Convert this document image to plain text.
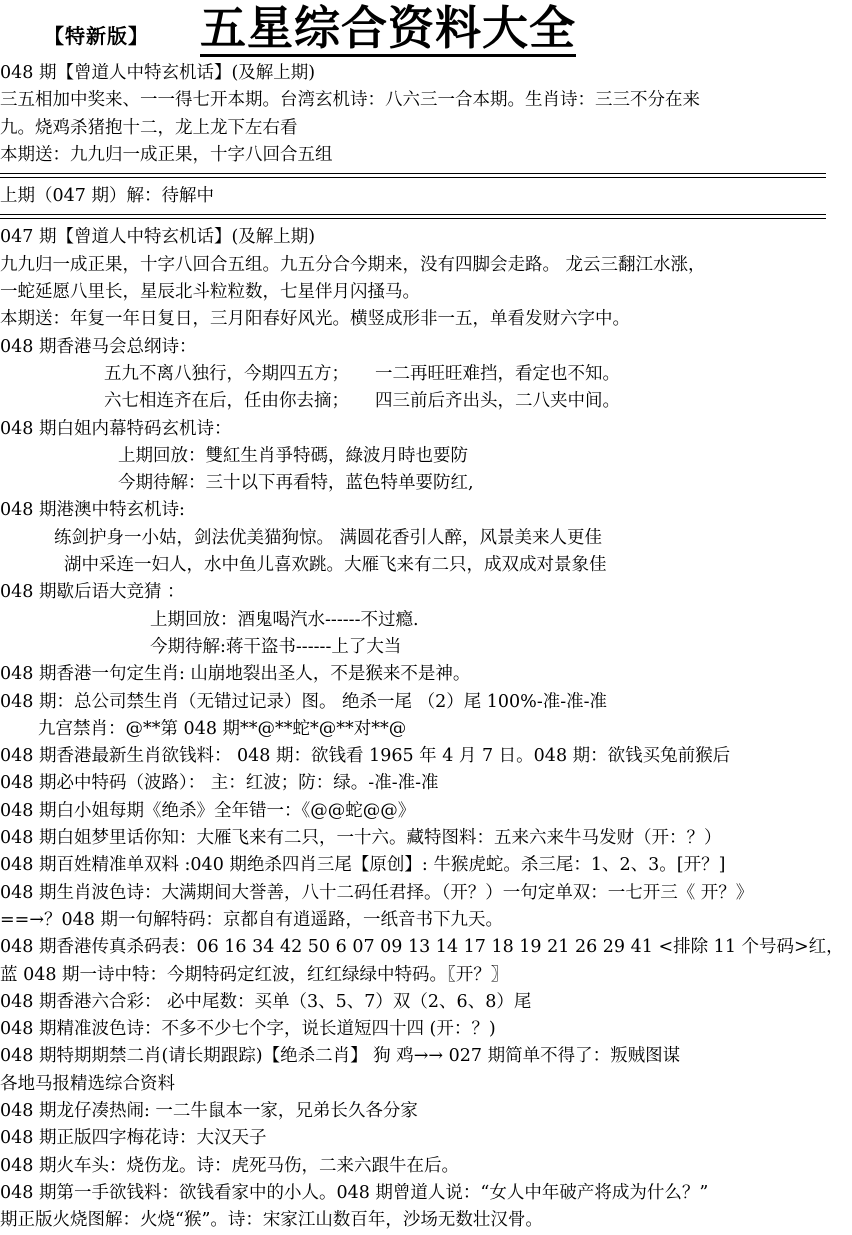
【特新版】 五星综合资料大全
048 期【曾道人中特玄机话】(及解上期)
三五相加中奖来、一一得七开本期。台湾玄机诗：八六三一合本期。生肖诗：三三不分在来
九。烧鸡杀猪抱十二，龙上龙下左右看
本期送：九九归一成正果，十字八回合五组
上期（047 期）解：待解中
047 期【曾道人中特玄机话】(及解上期)
九九归一成正果，十字八回合五组。九五分合今期来，没有四脚会走路。 龙云三翻江水涨，
一蛇延愿八里长，星辰北斗粒粒数，七星伴月闪搔马。
本期送：年复一年日复日，三月阳春好风光。横竖成形非一五，单看发财六字中。
048 期香港马会总纲诗：
五九不离八独行，今期四五方； 一二再旺旺难挡，看定也不知。
六七相连齐在后，任由你去摘； 四三前后齐出头，二八夹中间。
048 期白姐内幕特码玄机诗：
上期回放：雙紅生肖爭特碼，綠波月時也要防
今期待解：三十以下再看特，蓝色特单要防红,
048 期港澳中特玄机诗:
练剑护身一小姑，剑法优美猫狗惊。 满圆花香引人醉，风景美来人更佳
湖中采连一妇人，水中鱼儿喜欢跳。大雁飞来有二只，成双成对景象佳
048 期歇后语大竞猜 ：
上期回放：酒鬼喝汽水------不过瘾.
今期待解:蒋干盗书------上了大当
048 期香港一句定生肖: 山崩地裂出圣人，不是猴来不是神。
048 期：总公司禁生肖（无错过记录）图。 绝杀一尾 （2）尾 100%-准-准-准
九宫禁肖：@**第 048 期**@**蛇*@**对**@
048 期香港最新生肖欲钱料： 048 期：欲钱看 1965 年 4 月 7 日。048 期：欲钱买兔前猴后
048 期必中特码（波路）： 主：红波；防：绿。-准-准-准
048 期白小姐每期《绝杀》全年错一：《@@蛇@@》
048 期白姐梦里话你知：大雁飞来有二只，一十六。藏特图料：五来六来牛马发财（开：？）
048 期百姓精准单双料 :040 期绝杀四肖三尾【原创】: 牛猴虎蛇。杀三尾：1、2、3。[开？]
048 期生肖波色诗：大满期间大誉善，八十二码任君择。（开？）一句定单双：一七开三《 开？》
==→？048 期一句解特码：京都自有逍遥路，一纸音书下九天。
048 期香港传真杀码表：06 16 34 42 50 6 07 09 13 14 17 18 19 21 26 29 41 <排除 11 个号码>红，
蓝 048 期一诗中特：今期特码定红波，红红绿绿中特码。〖开？〗
048 期香港六合彩： 必中尾数：买单（3、5、7）双（2、6、8）尾
048 期精准波色诗：不多不少七个字，说长道短四十四 (开：？)
048 期特期期禁二肖(请长期跟踪)【绝杀二肖】 狗 鸡→→ 027 期简单不得了：叛贼图谋
各地马报精选综合资料
048 期龙仔凑热闹: 一二牛鼠本一家，兄弟长久各分家
048 期正版四字梅花诗：大汉天子
048 期火车头：烧伤龙。诗：虎死马伤，二来六跟牛在后。
048 期第一手欲钱料：欲钱看家中的小人。048 期曾道人说：“女人中年破产将成为什么？”
期正版火烧图解：火烧“猴”。诗：宋家江山数百年，沙场无数壮汉骨。
